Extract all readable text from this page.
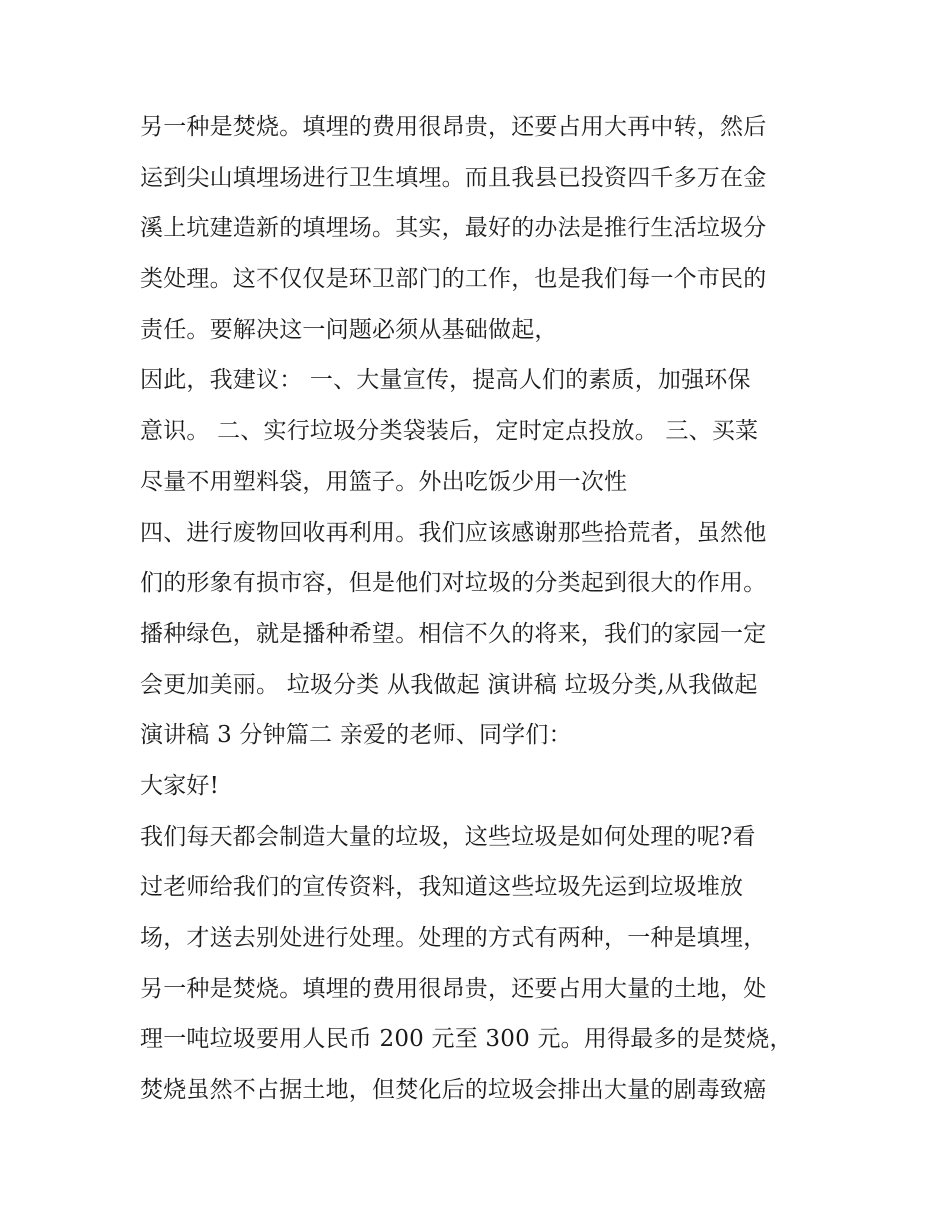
另一种是焚烧。填埋的费用很昂贵，还要占用大再中转，然后
运到尖山填埋场进行卫生填埋。而且我县已投资四千多万在金
溪上坑建造新的填埋场。其实，最好的办法是推行生活垃圾分
类处理。这不仅仅是环卫部门的工作，也是我们每一个市民的
责任。要解决这一问题必须从基础做起，
因此，我建议： 一、大量宣传，提高人们的素质，加强环保
意识。 二、实行垃圾分类袋装后，定时定点投放。 三、买菜
尽量不用塑料袋，用篮子。外出吃饭少用一次性
四、进行废物回收再利用。我们应该感谢那些拾荒者，虽然他
们的形象有损市容，但是他们对垃圾的分类起到很大的作用。
播种绿色，就是播种希望。相信不久的将来，我们的家园一定
会更加美丽。 垃圾分类 从我做起 演讲稿 垃圾分类,从我做起
演讲稿 3 分钟篇二 亲爱的老师、同学们：
大家好!
我们每天都会制造大量的垃圾，这些垃圾是如何处理的呢?看
过老师给我们的宣传资料，我知道这些垃圾先运到垃圾堆放
场，才送去别处进行处理。处理的方式有两种，一种是填埋，
另一种是焚烧。填埋的费用很昂贵，还要占用大量的土地，处
理一吨垃圾要用人民币 200 元至 300 元。用得最多的是焚烧，
焚烧虽然不占据土地，但焚化后的垃圾会排出大量的剧毒致癌
